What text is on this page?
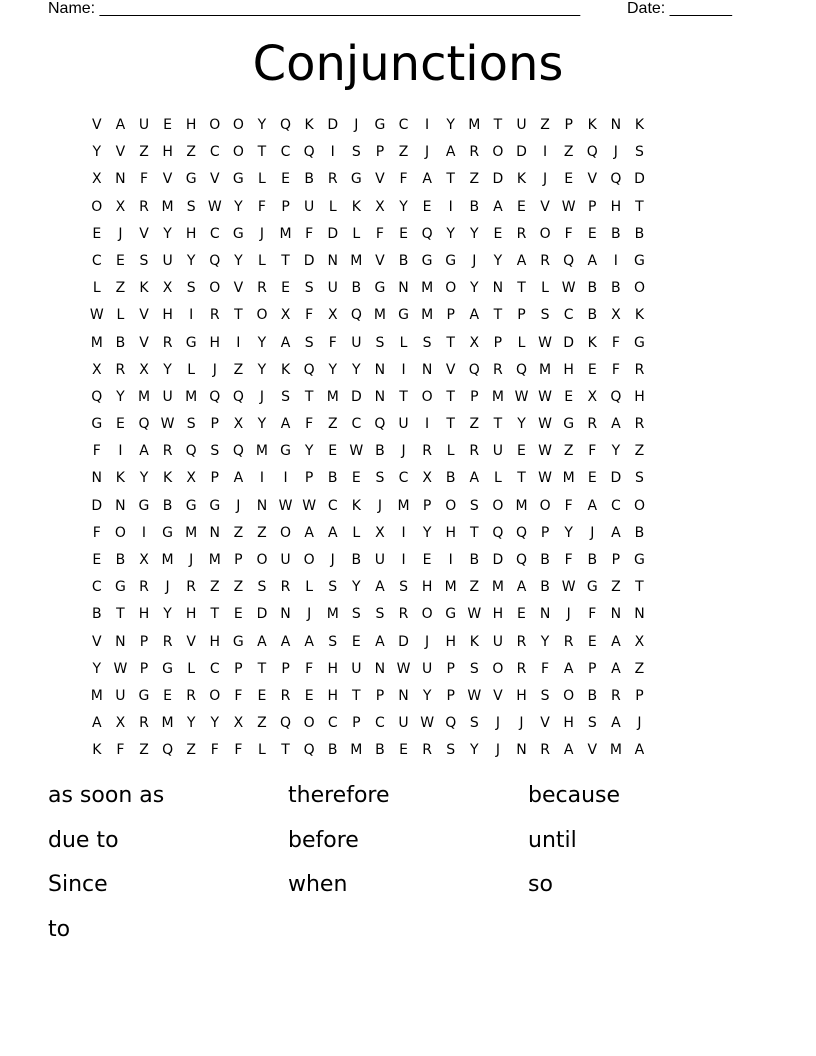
Name: ______________________________________________________	Date: _______
Conjunctions
V	A U	E H O O Y Q K D	J	G C	I	Y M T	U Z	P	K N K
Y	V	Z H Z C O T	C Q	I	S	P	Z	J	A R O D	I	Z Q	J	S
X N	F	V G V G	L	E	B R G V	F	A	T	Z D K	J	E	V Q D
O X R M S W Y	F	P	U	L	K	X	Y	E	I	B	A	E	V W P	H	T
E	J	V	Y	H C G	J	M F	D	L	F	E Q Y	Y	E	R O	F	E	B B
C	E	S	U	Y Q Y	L	T D N M V	B G G	J	Y	A R Q A	I	G
L	Z	K	X	S O V R	E	S	U B G N M O Y	N	T	L W B B O
W L	V H	I	R	T O X	F	X Q M G M P	A	T	P	S	C B	X	K
M B	V R G H	I	Y	A	S	F	U	S	L	S	T	X	P	L W D K	F	G
X R X	Y	L	J	Z	Y	K Q Y	Y	N	I	N V Q R Q M H E	F	R
Q Y M U M Q Q	J	S	T M D N	T O T	P M W W E	X Q H
G E Q W S	P	X	Y	A	F	Z C Q U	I	T	Z	T	Y W G R A R
F	I	A R Q S Q M G Y	E W B	J	R	L	R U	E W Z	F	Y	Z
N K	Y	K	X	P	A	I	I	P	B	E	S	C X B	A	L	T W M E D S
D N G B G G	J	N W W C	K	J	M P O S O M O	F	A C O
F	O	I	G M N Z	Z O A	A	L	X	I	Y	H	T Q Q P	Y	J	A	B
E	B	X M	J	M P O U O	J	B U	I	E	I	B D Q B	F	B	P G
C G R	J	R Z	Z	S	R	L	S	Y	A	S H M Z M A	B W G Z	T
B	T	H	Y	H	T	E D N	J	M S	S	R O G W H E N	J	F	N N
V N	P	R V H G A	A	A	S	E	A D	J	H K U R	Y	R	E	A	X
Y W P G	L	C	P	T	P	F	H U N W U	P	S O R	F	A	P	A	Z
M U G E	R O	F	E	R	E H	T	P	N	Y	P W V H S O B R	P
A	X R M Y	Y	X	Z Q O C	P	C U W Q S	J	J	V H S	A	J
K	F	Z Q Z	F	F	L	T Q B M B	E	R	S	Y	J	N R A	V M A
as soon as	therefore	because
due to	before	until
Since	when	so
to
